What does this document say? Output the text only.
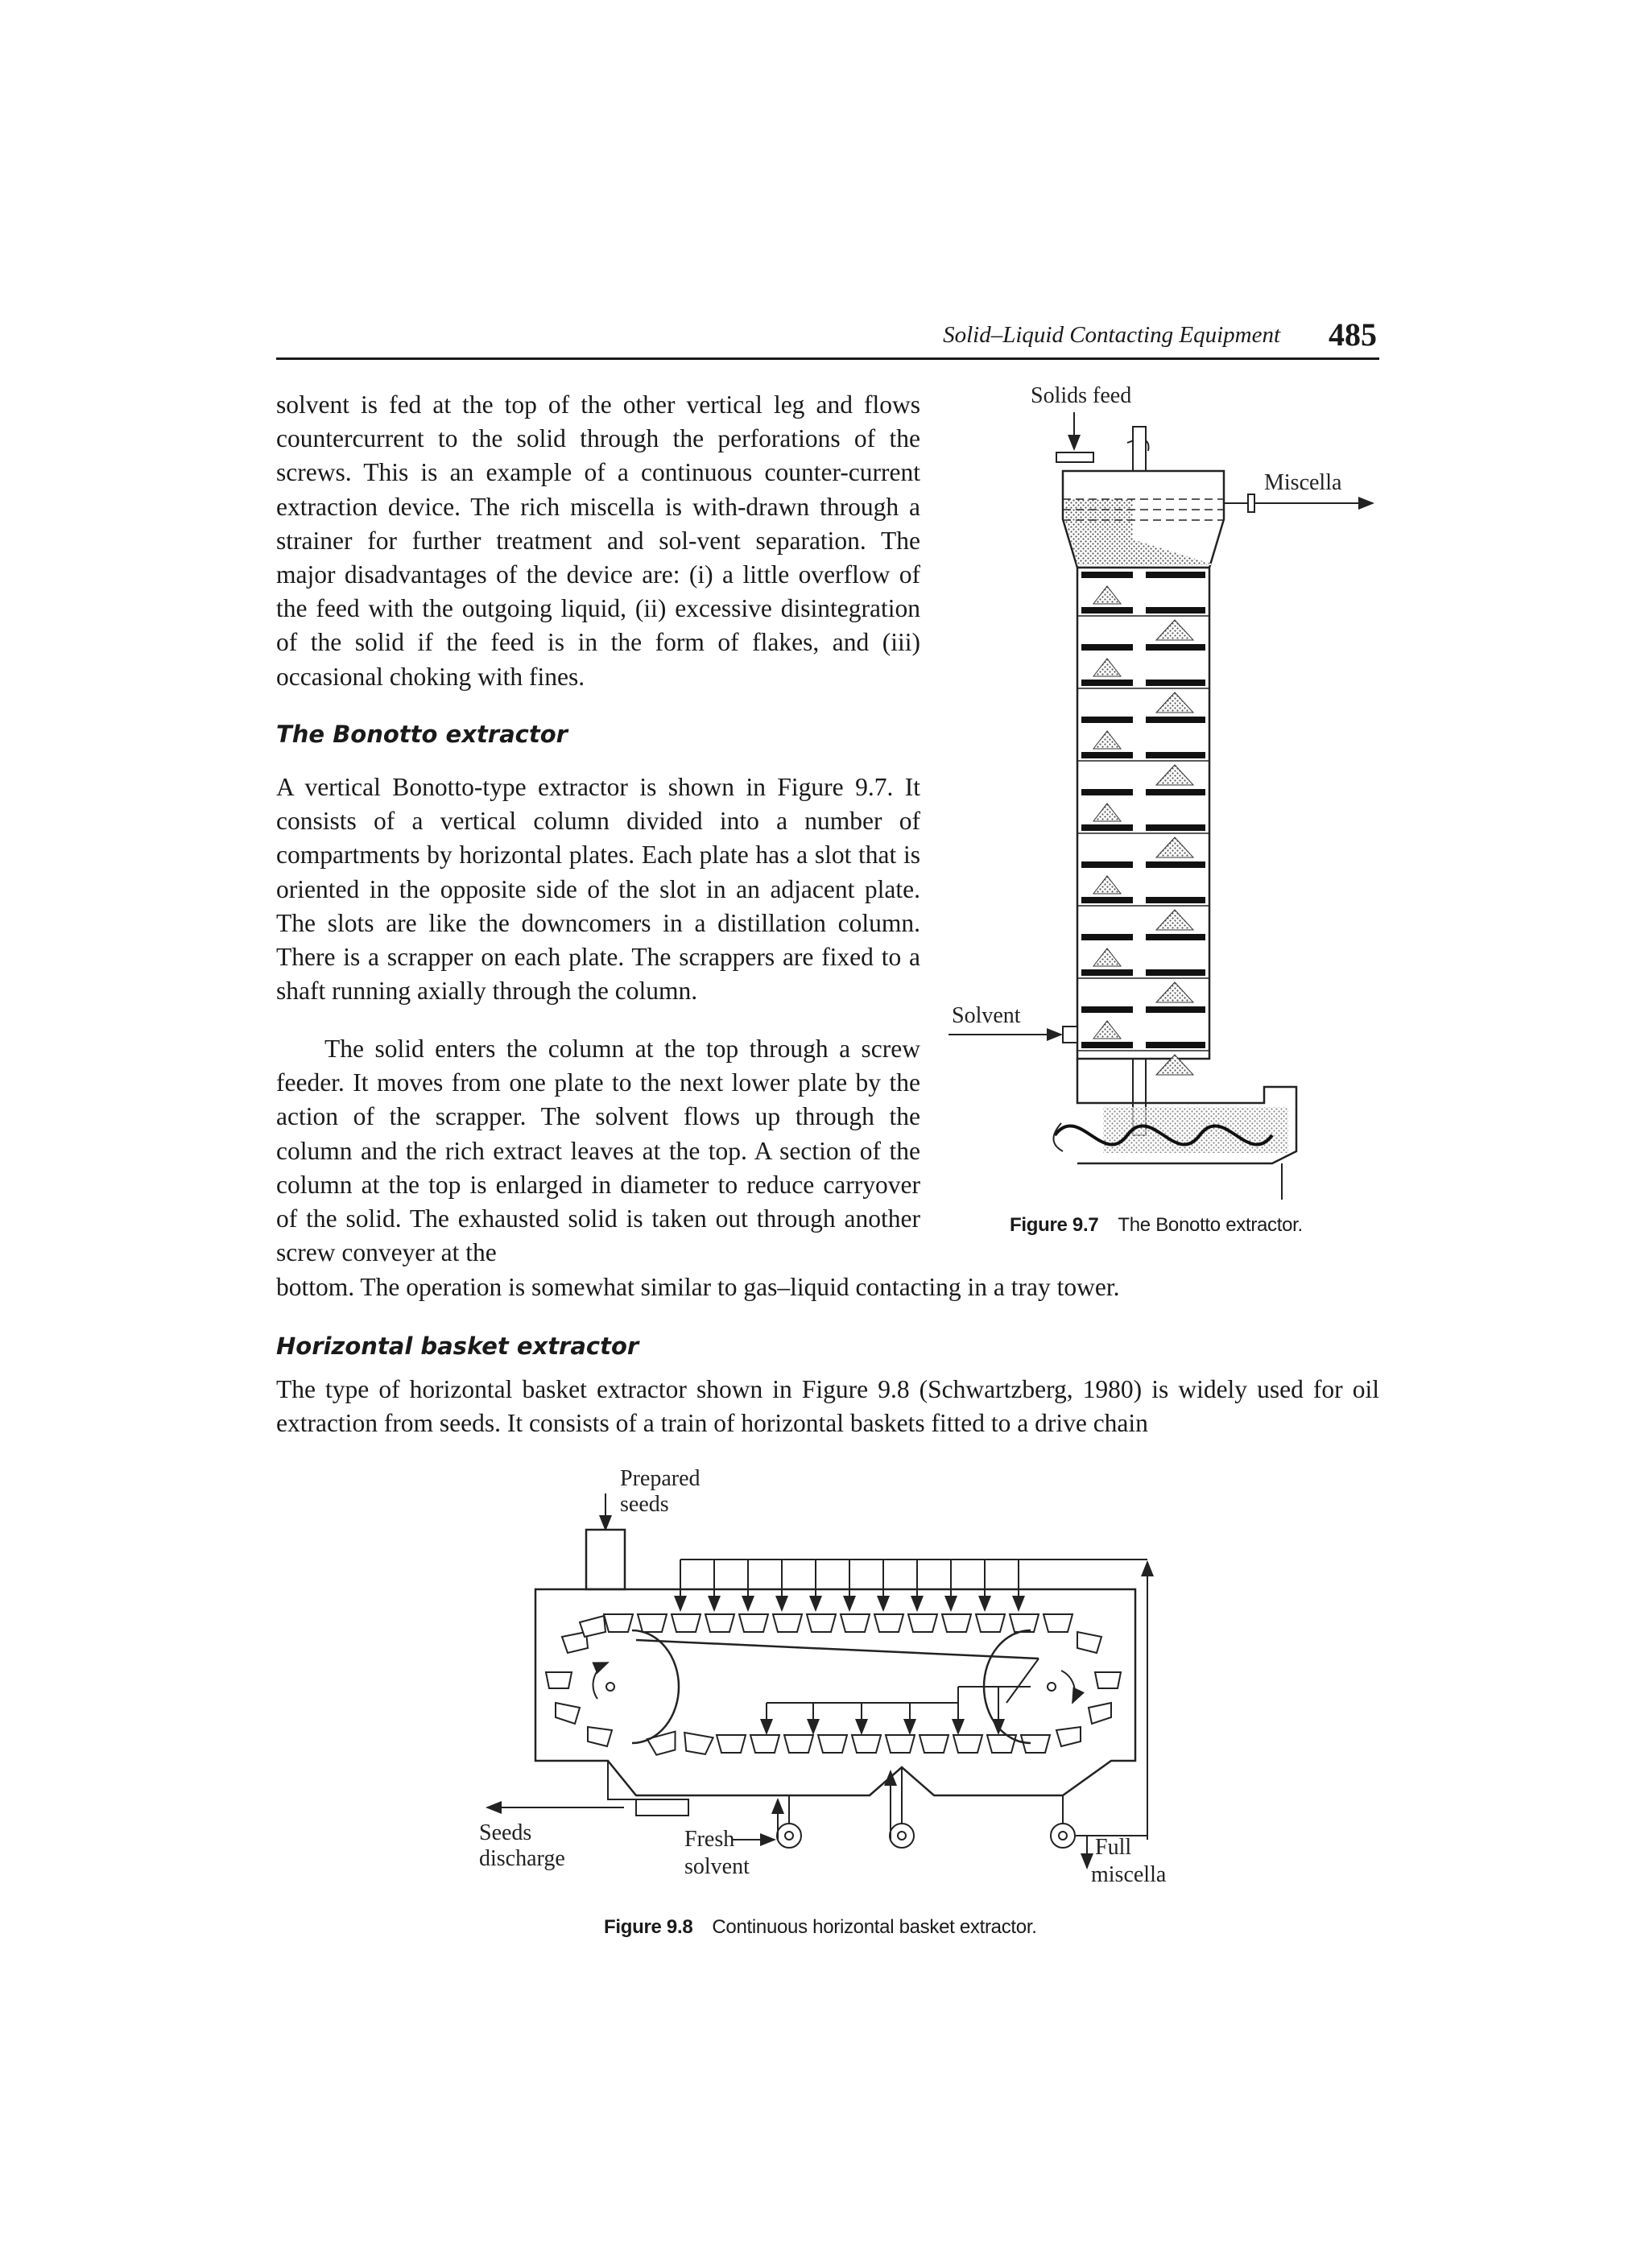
Solid–Liquid Contacting Equipment 485

solvent is fed at the top of the other vertical leg and flows countercurrent to the solid through the perforations of the screws. This is an example of a continuous counter-current extraction device. The rich miscella is with-drawn through a strainer for further treatment and sol-vent separation. The major disadvantages of the device are: (i) a little overflow of the feed with the outgoing liquid, (ii) excessive disintegration of the solid if the feed is in the form of flakes, and (iii) occasional choking with fines.

The Bonotto extractor

A vertical Bonotto-type extractor is shown in Figure 9.7. It consists of a vertical column divided into a number of compartments by horizontal plates. Each plate has a slot that is oriented in the opposite side of the slot in an adjacent plate. The slots are like the downcomers in a distillation column. There is a scrapper on each plate. The scrappers are fixed to a shaft running axially through the column.

The solid enters the column at the top through a screw feeder. It moves from one plate to the next lower plate by the action of the scrapper. The solvent flows up through the column and the rich extract leaves at the top. A section of the column at the top is enlarged in diameter to reduce carryover of the solid. The exhausted solid is taken out through another screw conveyer at the

bottom. The operation is somewhat similar to gas–liquid contacting in a tray tower.

Horizontal basket extractor

The type of horizontal basket extractor shown in Figure 9.8 (Schwartzberg, 1980) is widely used for oil extraction from seeds. It consists of a train of horizontal baskets fitted to a drive chain

Solids feed
Miscella
Solvent
Figure 9.7 The Bonotto extractor.
Prepared
seeds
Seeds
discharge
Fresh
solvent
Full
miscella
Figure 9.8 Continuous horizontal basket extractor.
